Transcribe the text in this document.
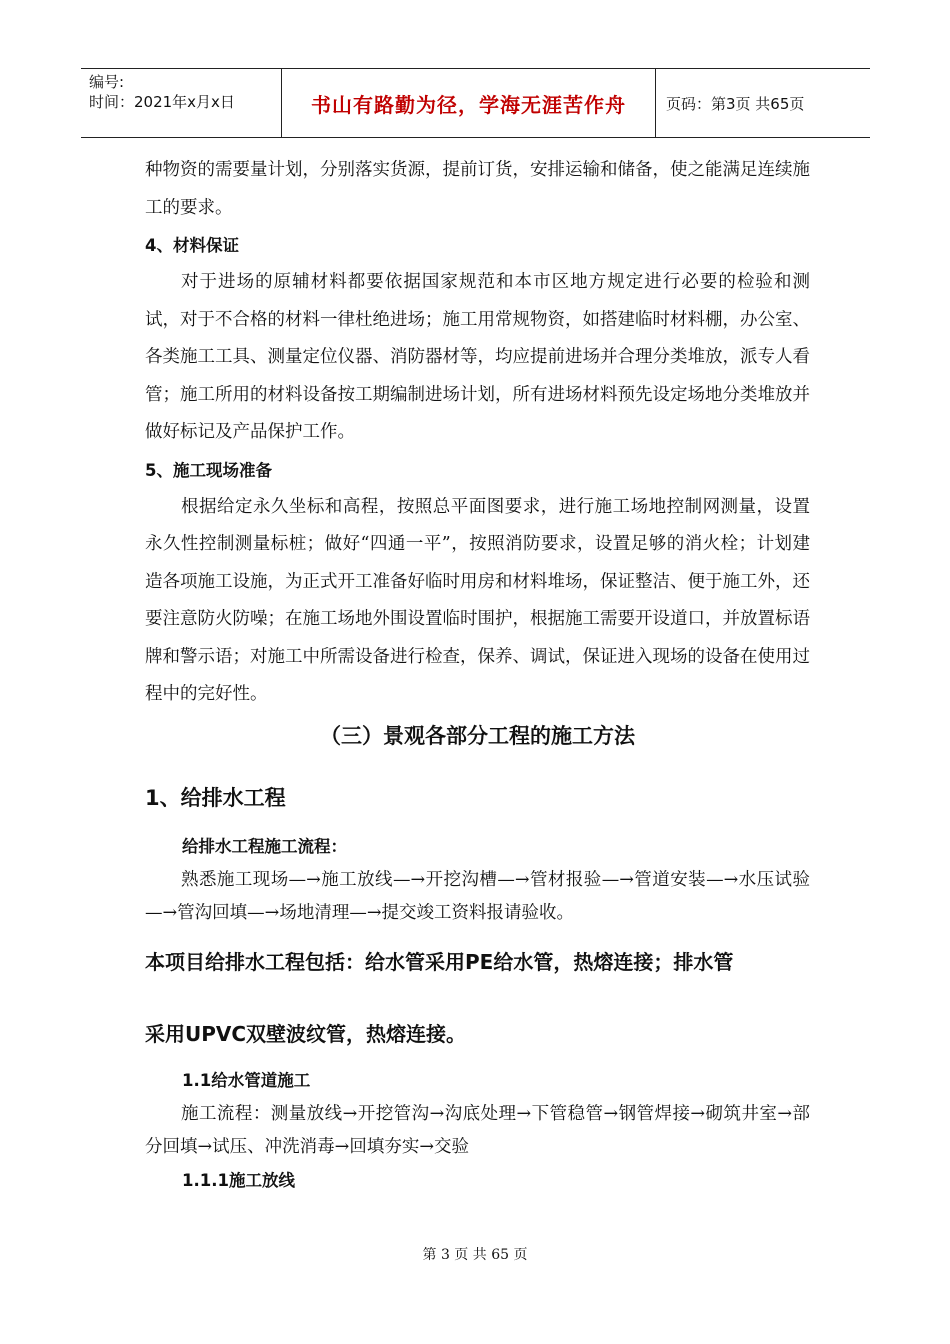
编号:
时间：2021年x月x日	书山有路勤为径，学海无涯苦作舟	页码：第3页 共65页

种物资的需要量计划，分别落实货源，提前订货，安排运输和储备，使之能满足连续施工的要求。

4、材料保证

对于进场的原辅材料都要依据国家规范和本市区地方规定进行必要的检验和测试，对于不合格的材料一律杜绝进场；施工用常规物资，如搭建临时材料棚，办公室、各类施工工具、测量定位仪器、消防器材等，均应提前进场并合理分类堆放，派专人看管；施工所用的材料设备按工期编制进场计划，所有进场材料预先设定场地分类堆放并做好标记及产品保护工作。

5、施工现场准备

根据给定永久坐标和高程，按照总平面图要求，进行施工场地控制网测量，设置永久性控制测量标桩；做好“四通一平”，按照消防要求，设置足够的消火栓；计划建造各项施工设施，为正式开工准备好临时用房和材料堆场，保证整洁、便于施工外，还要注意防火防噪；在施工场地外围设置临时围护，根据施工需要开设道口，并放置标语牌和警示语；对施工中所需设备进行检查，保养、调试，保证进入现场的设备在使用过程中的完好性。

（三）景观各部分工程的施工方法
1、给排水工程
给排水工程施工流程：

熟悉施工现场—→施工放线—→开挖沟槽—→管材报验—→管道安装—→水压试验—→管沟回填—→场地清理—→提交竣工资料报请验收。

本项目给排水工程包括：给水管采用PE给水管，热熔连接；排水管
采用UPVC双壁波纹管，热熔连接。
1.1给水管道施工

施工流程：测量放线→开挖管沟→沟底处理→下管稳管→钢管焊接→砌筑井室→部分回填→试压、冲洗消毒→回填夯实→交验

1.1.1施工放线
第 3 页 共 65 页
